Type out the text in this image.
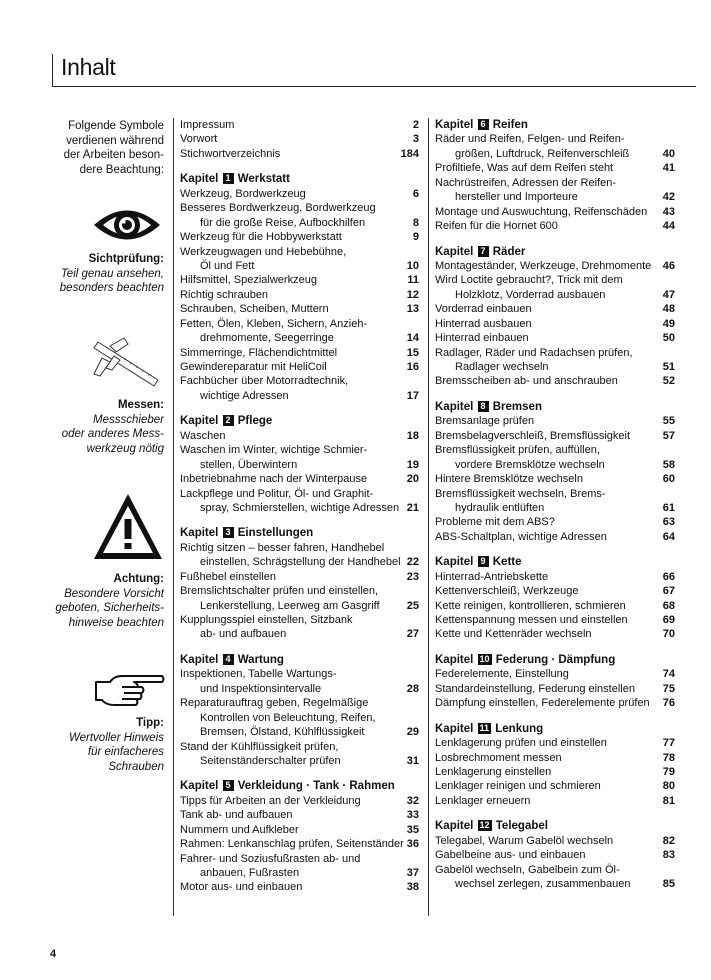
Inhalt
Folgende Symbole
verdienen während
der Arbeiten beson-
dere Beachtung:
Sichtprüfung:
Teil genau ansehen,
besonders beachten
Messen:
Messschieber
oder anderes Mess-
werkzeug nötig
Achtung:
Besondere Vorsicht
geboten, Sicherheits-
hinweise beachten
Tipp:
Wertvoller Hinweis
für einfacheres
Schrauben
Impressum	2
Vorwort	3
Stichwortverzeichnis	184
Kapitel 1 Werkstatt
Werkzeug, Bordwerkzeug	6
Besseres Bordwerkzeug, Bordwerkzeug
für die große Reise, Aufbockhilfen	8
Werkzeug für die Hobbywerkstatt	9
Werkzeugwagen und Hebebühne,
Öl und Fett	10
Hilfsmittel, Spezialwerkzeug	11
Richtig schrauben	12
Schrauben, Scheiben, Muttern	13
Fetten, Ölen, Kleben, Sichern, Anzieh-
drehmomente, Seegerringe	14
Simmerringe, Flächendichtmittel	15
Gewindereparatur mit HeliCoil	16
Fachbücher über Motorradtechnik,
wichtige Adressen	17
Kapitel 2 Pflege
Waschen	18
Waschen im Winter, wichtige Schmier-
stellen, Überwintern	19
Inbetriebnahme nach der Winterpause	20
Lackpflege und Politur, Öl- und Graphit-
spray, Schmierstellen, wichtige Adressen 21
Kapitel 3 Einstellungen
Richtig sitzen – besser fahren, Handhebel
einstellen, Schrägstellung der Handhebel 22
Fußhebel einstellen	23
Bremslichtschalter prüfen und einstellen,
Lenkerstellung, Leerweg am Gasgriff 25
Kupplungsspiel einstellen, Sitzbank
ab- und aufbauen	27
Kapitel 4 Wartung
Inspektionen, Tabelle Wartungs-
und Inspektionsintervalle	28
Reparaturauftrag geben, Regelmäßige
Kontrollen von Beleuchtung, Reifen,
Bremsen, Ölstand, Kühlflüssigkeit	29
Stand der Kühlflüssigkeit prüfen,
Seitenständerschalter prüfen	31
Kapitel 5 Verkleidung · Tank · Rahmen
Tipps für Arbeiten an der Verkleidung	32
Tank ab- und aufbauen	33
Nummern und Aufkleber	35
Rahmen: Lenkanschlag prüfen, Seitenständer 36
Fahrer- und Soziusfußrasten ab- und
anbauen, Fußrasten	37
Motor aus- und einbauen	38
Kapitel 6 Reifen
Räder und Reifen, Felgen- und Reifen-
größen, Luftdruck, Reifenverschleiß	40
Profiltiefe, Was auf dem Reifen steht	41
Nachrüstreifen, Adressen der Reifen-
hersteller und Importeure	42
Montage und Auswuchtung, Reifenschäden 43
Reifen für die Hornet 600	44
Kapitel 7 Räder
Montageständer, Werkzeuge, Drehmomente 46
Wird Loctite gebraucht?, Trick mit dem
Holzklotz, Vorderrad ausbauen	47
Vorderrad einbauen	48
Hinterrad ausbauen	49
Hinterrad einbauen	50
Radlager, Räder und Radachsen prüfen,
Radlager wechseln	51
Bremsscheiben ab- und anschrauben	52
Kapitel 8 Bremsen
Bremsanlage prüfen	55
Bremsbelagverschleiß, Bremsflüssigkeit	57
Bremsflüssigkeit prüfen, auffüllen,
vordere Bremsklötze wechseln	58
Hintere Bremsklötze wechseln	60
Bremsflüssigkeit wechseln, Brems-
hydraulik entlüften	61
Probleme mit dem ABS?	63
ABS-Schaltplan, wichtige Adressen	64
Kapitel 9 Kette
Hinterrad-Antriebskette	66
Kettenverschleiß, Werkzeuge	67
Kette reinigen, kontrollieren, schmieren	68
Kettenspannung messen und einstellen	69
Kette und Kettenräder wechseln	70
Kapitel 10 Federung · Dämpfung
Federelemente, Einstellung	74
Standardeinstellung, Federung einstellen	75
Dämpfung einstellen, Federelemente prüfen 76
Kapitel 11 Lenkung
Lenklagerung prüfen und einstellen	77
Losbrechmoment messen	78
Lenklagerung einstellen	79
Lenklager reinigen und schmieren	80
Lenklager erneuern	81
Kapitel 12 Telegabel
Telegabel, Warum Gabelöl wechseln	82
Gabelbeine aus- und einbauen	83
Gabelöl wechseln, Gabelbein zum Öl-
wechsel zerlegen, zusammenbauen	85
4
